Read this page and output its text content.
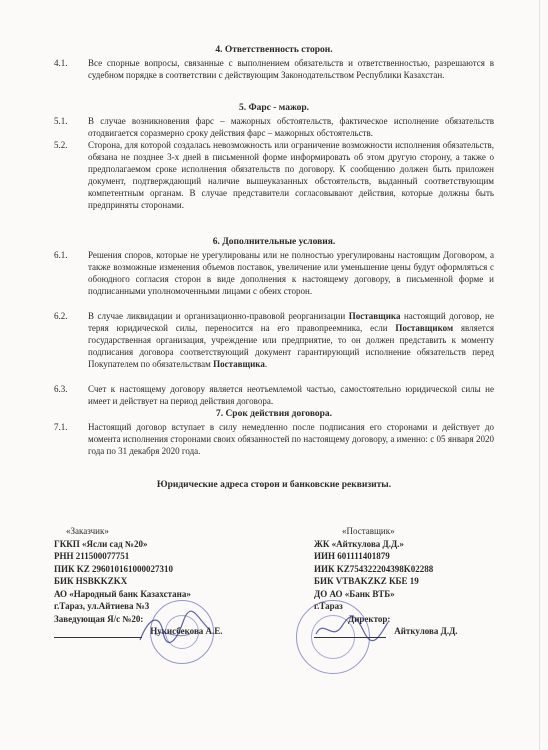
4. Ответственность сторон.
4.1.	Все спорные вопросы, связанные с выполнением обязательств и ответственностью, разрешаются в судебном порядке в соответствии с действующим Законодательством Республики Казахстан.
5. Фарс - мажор.
5.1.	В случае возникновения фарс – мажорных обстоятельств, фактическое исполнение обязательств отодвигается соразмерно сроку действия фарс – мажорных обстоятельств.
5.2.	Сторона, для которой создалась невозможность или ограничение возможности исполнения обязательств, обязана не позднее 3-х дней в письменной форме информировать об этом другую сторону, а также о предполагаемом сроке исполнения обязательств по договору. К сообщению должен быть приложен документ, подтверждающий наличие вышеуказанных обстоятельств, выданный соответствующим компетентным органам. В случае представители согласовывают действия, которые должны быть предприняты сторонами.
6. Дополнительные условия.
6.1.	Решения споров, которые не урегулированы или не полностью урегулированы настоящим Договором, а также возможные изменения объемов поставок, увеличение или уменьшение цены будут оформляться с обоюдного согласия сторон в виде дополнения к настоящему договору, в письменной форме и подписанными уполномоченными лицами с обеих сторон.
6.2.	В случае ликвидации и организационно-правовой реорганизации Поставщика настоящий договор, не теряя юридической силы, переносится на его правопреемника, если Поставщиком является государственная организация, учреждение или предприятие, то он должен представить к моменту подписания договора соответствующий документ гарантирующий исполнение обязательств перед Покупателем по обязательствам Поставщика.
6.3.	Счет к настоящему договору является неотъемлемой частью, самостоятельно юридической силы не имеет и действует на период действия договора.
7. Срок действия договора.
7.1.	Настоящий договор вступает в силу немедленно после подписания его сторонами и действует до момента исполнения сторонами своих обязанностей по настоящему договору, а именно: с 05 января 2020 года по 31 декабря 2020 года.
Юридические адреса сторон и банковские реквизиты.
«Заказчик»
ГККП «Ясли сад №20»
РНН 211500077751
ПИК KZ 296010161000027310
БИК HSBKKZKX
АО «Народный банк Казахстана»
г.Тараз, ул.Айтиева №3
Заведующая Я/с №20:
Нукисбекова А.Е.
«Поставщик»
ЖК «Айткулова Д.Д.»
ИИН 601111401879
ИИК KZ754322204398K02288
БИК VTBAKZKZ КБЕ 19
ДО АО «Банк ВТБ»
г.Тараз
Директор:
Айткулова Д.Д.
